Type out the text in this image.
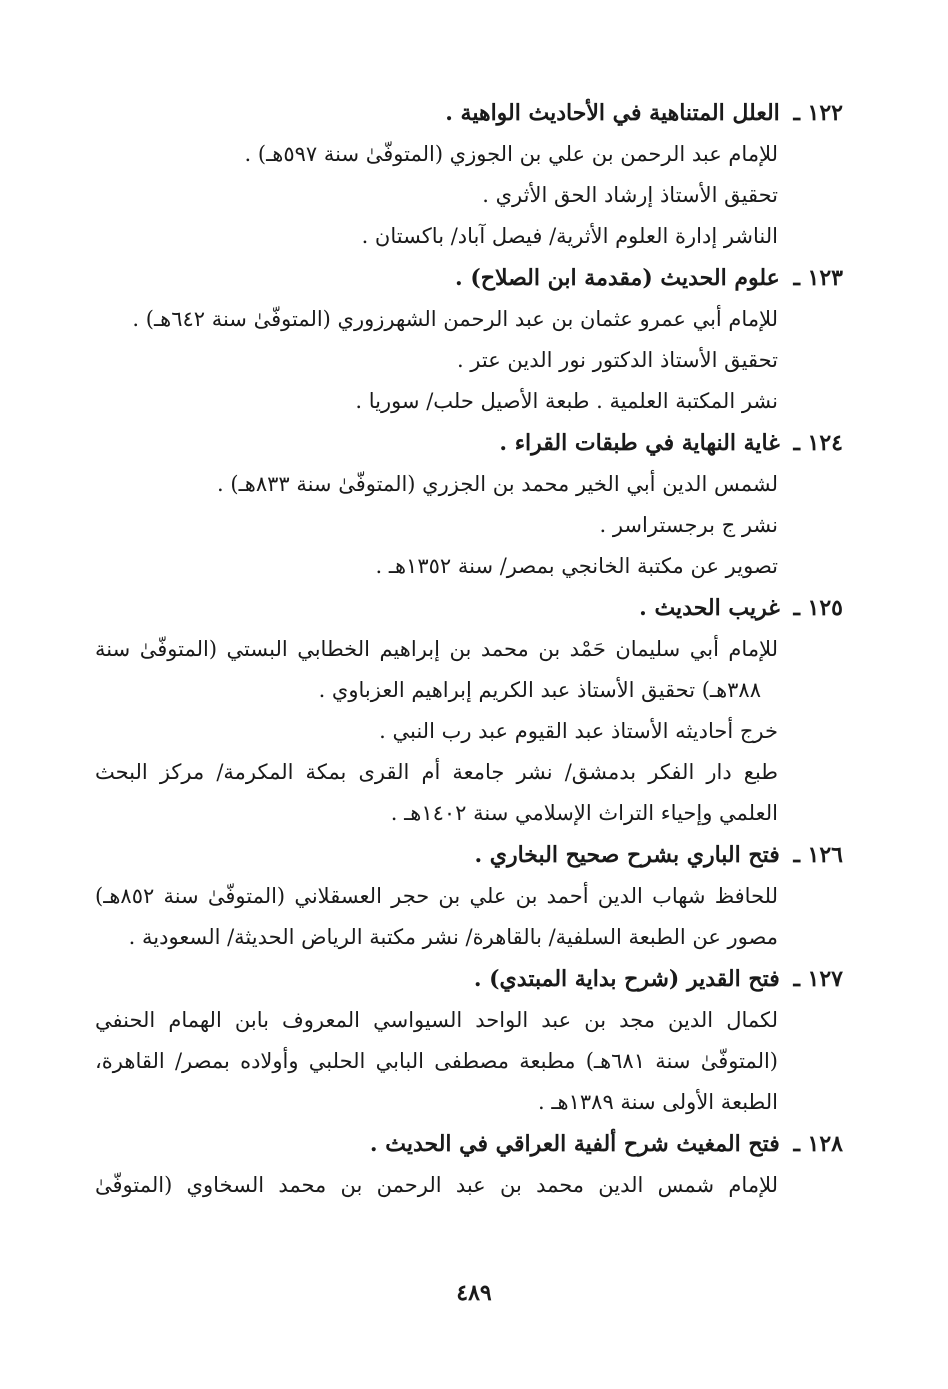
١٢٢ ـ العلل المتناهية في الأحاديث الواهية .
للإمام عبد الرحمن بن علي بن الجوزي (المتوفّىٰ سنة ٥٩٧هـ) .
تحقيق الأستاذ إرشاد الحق الأثري .
الناشر إدارة العلوم الأثرية/ فيصل آباد/ باكستان .
١٢٣ ـ علوم الحديث (مقدمة ابن الصلاح) .
للإمام أبي عمرو عثمان بن عبد الرحمن الشهرزوري (المتوفّىٰ سنة ٦٤٢هـ) .
تحقيق الأستاذ الدكتور نور الدين عتر .
نشر المكتبة العلمية . طبعة الأصيل حلب/ سوريا .
١٢٤ ـ غاية النهاية في طبقات القراء .
لشمس الدين أبي الخير محمد بن الجزري (المتوفّىٰ سنة ٨٣٣هـ) .
نشر ج برجستراسر .
تصوير عن مكتبة الخانجي بمصر/ سنة ١٣٥٢هـ .
١٢٥ ـ غريب الحديث .
للإمام أبي سليمان حَمْد بن محمد بن إبراهيم الخطابي البستي (المتوفّىٰ سنة
٣٨٨هـ) تحقيق الأستاذ عبد الكريم إبراهيم العزباوي .
خرج أحاديثه الأستاذ عبد القيوم عبد رب النبي .
طبع دار الفكر بدمشق/ نشر جامعة أم القرى بمكة المكرمة/ مركز البحث
العلمي وإحياء التراث الإسلامي سنة ١٤٠٢هـ .
١٢٦ ـ فتح الباري بشرح صحيح البخاري .
للحافظ شهاب الدين أحمد بن علي بن حجر العسقلاني (المتوفّىٰ سنة ٨٥٢هـ)
مصور عن الطبعة السلفية/ بالقاهرة/ نشر مكتبة الرياض الحديثة/ السعودية .
١٢٧ ـ فتح القدير (شرح بداية المبتدي) .
لكمال الدين مجد بن عبد الواحد السيواسي المعروف بابن الهمام الحنفي
(المتوفّىٰ سنة ٦٨١هـ) مطبعة مصطفى البابي الحلبي وأولاده بمصر/ القاهرة،
الطبعة الأولى سنة ١٣٨٩هـ .
١٢٨ ـ فتح المغيث شرح ألفية العراقي في الحديث .
للإمام شمس الدين محمد بن عبد الرحمن بن محمد السخاوي (المتوفّىٰ
٤٨٩
